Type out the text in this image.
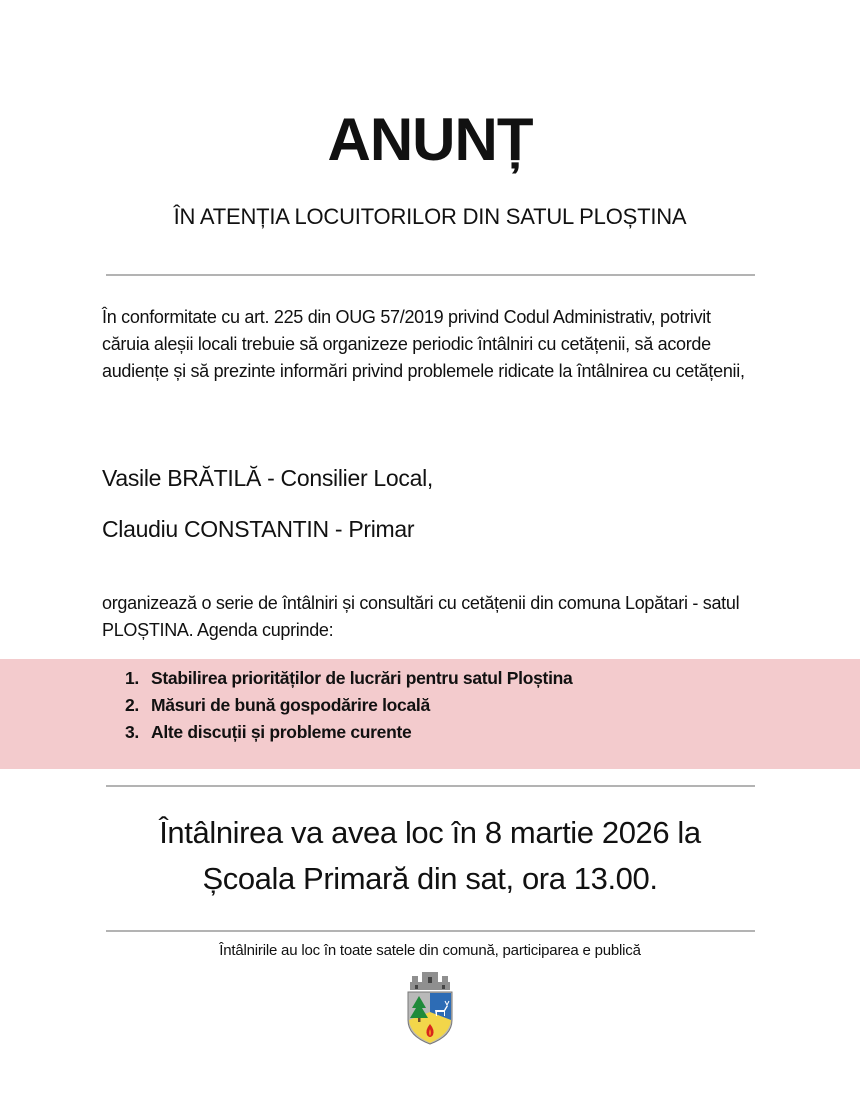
ANUNȚ
ÎN ATENȚIA LOCUITORILOR DIN SATUL PLOȘTINA
În conformitate cu art. 225 din OUG 57/2019 privind Codul Administrativ, potrivit căruia aleșii locali trebuie să organizeze periodic întâlniri cu cetățenii, să acorde audiențe și să prezinte informări privind problemele ridicate la întâlnirea cu cetățenii,
Vasile BRĂTILĂ - Consilier Local,
Claudiu CONSTANTIN - Primar
organizează o serie de întâlniri și consultări cu cetățenii din comuna Lopătari - satul PLOȘTINA. Agenda cuprinde:
1. Stabilirea priorităților de lucrări pentru satul Ploștina
2. Măsuri de bună gospodărire locală
3. Alte discuții și probleme curente
Întâlnirea va avea loc în 8 martie 2026 la
Școala Primară din sat, ora 13.00.
Întâlnirile au loc în toate satele din comună, participarea e publică
